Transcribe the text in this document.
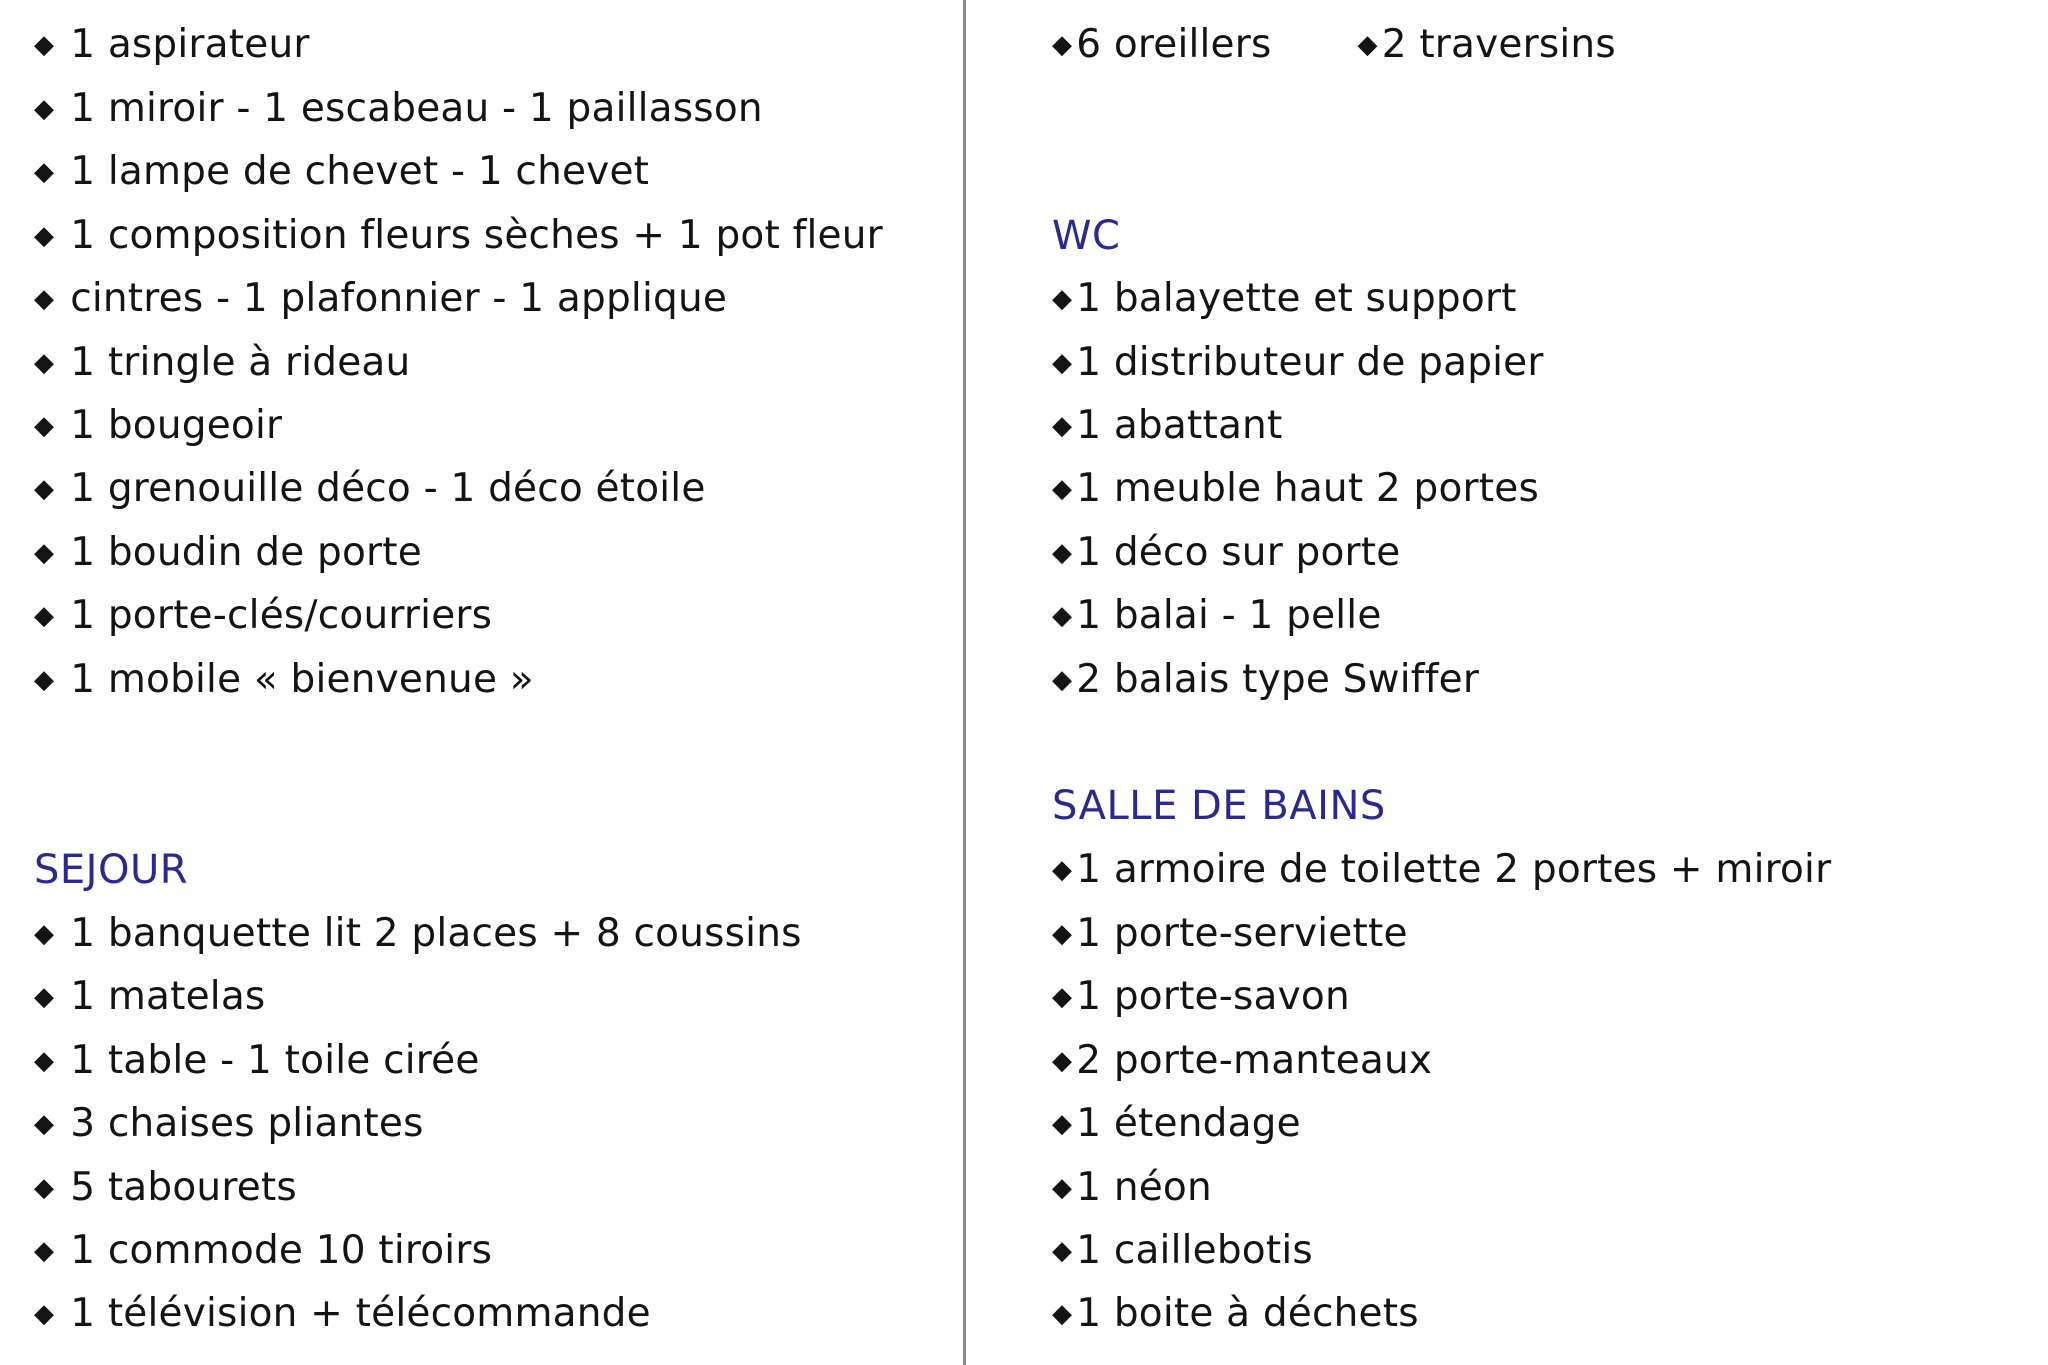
◆ 1 aspirateur
◆ 1 miroir - 1 escabeau - 1 paillasson
◆ 1 lampe de chevet - 1 chevet
◆ 1 composition fleurs sèches + 1 pot fleur
◆ cintres - 1 plafonnier - 1 applique
◆ 1 tringle à rideau
◆ 1 bougeoir
◆ 1 grenouille déco - 1 déco étoile
◆ 1 boudin de porte
◆ 1 porte-clés/courriers
◆ 1 mobile « bienvenue »
SEJOUR
◆ 1 banquette lit 2 places + 8 coussins
◆ 1 matelas
◆ 1 table - 1 toile cirée
◆ 3 chaises pliantes
◆ 5 tabourets
◆ 1 commode 10 tiroirs
◆ 1 télévision + télécommande
◆ 6 oreillers	◆ 2 traversins
WC
◆ 1 balayette et support
◆ 1 distributeur de papier
◆ 1 abattant
◆ 1 meuble haut 2 portes
◆ 1 déco sur porte
◆ 1 balai - 1 pelle
◆ 2 balais type Swiffer
SALLE DE BAINS
◆ 1 armoire de toilette 2 portes + miroir
◆ 1 porte-serviette
◆ 1 porte-savon
◆ 2 porte-manteaux
◆ 1 étendage
◆ 1 néon
◆ 1 caillebotis
◆ 1 boite à déchets
